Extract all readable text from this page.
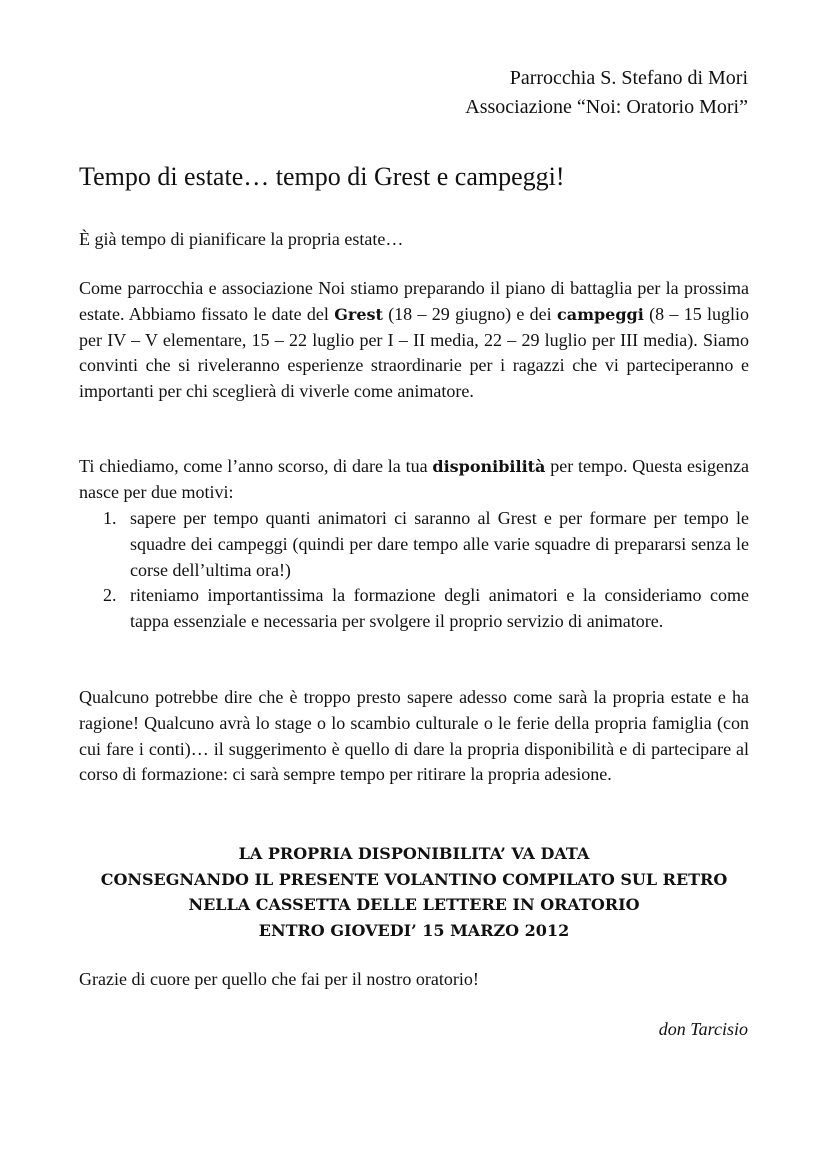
Parrocchia S. Stefano di Mori
Associazione “Noi: Oratorio Mori”
Tempo di estate… tempo di Grest e campeggi!

È già tempo di pianificare la propria estate…

Come parrocchia e associazione Noi stiamo preparando il piano di battaglia per la prossima estate. Abbiamo fissato le date del Grest (18 – 29 giugno) e dei campeggi (8 – 15 luglio per IV – V elementare, 15 – 22 luglio per I – II media, 22 – 29 luglio per III media). Siamo convinti che si riveleranno esperienze straordinarie per i ragazzi che vi parteciperanno e importanti per chi sceglierà di viverle come animatore.

Ti chiediamo, come l’anno scorso, di dare la tua disponibilità per tempo. Questa esigenza nasce per due motivi:

1. sapere per tempo quanti animatori ci saranno al Grest e per formare per tempo le squadre dei campeggi (quindi per dare tempo alle varie squadre di prepararsi senza le corse dell’ultima ora!)
2. riteniamo importantissima la formazione degli animatori e la consideriamo come tappa essenziale e necessaria per svolgere il proprio servizio di animatore.

Qualcuno potrebbe dire che è troppo presto sapere adesso come sarà la propria estate e ha ragione! Qualcuno avrà lo stage o lo scambio culturale o le ferie della propria famiglia (con cui fare i conti)… il suggerimento è quello di dare la propria disponibilità e di partecipare al corso di formazione: ci sarà sempre tempo per ritirare la propria adesione.

LA PROPRIA DISPONIBILITA’ VA DATA
CONSEGNANDO IL PRESENTE VOLANTINO COMPILATO SUL RETRO
NELLA CASSETTA DELLE LETTERE IN ORATORIO
ENTRO GIOVEDI’ 15 MARZO 2012

Grazie di cuore per quello che fai per il nostro oratorio!

don Tarcisio
